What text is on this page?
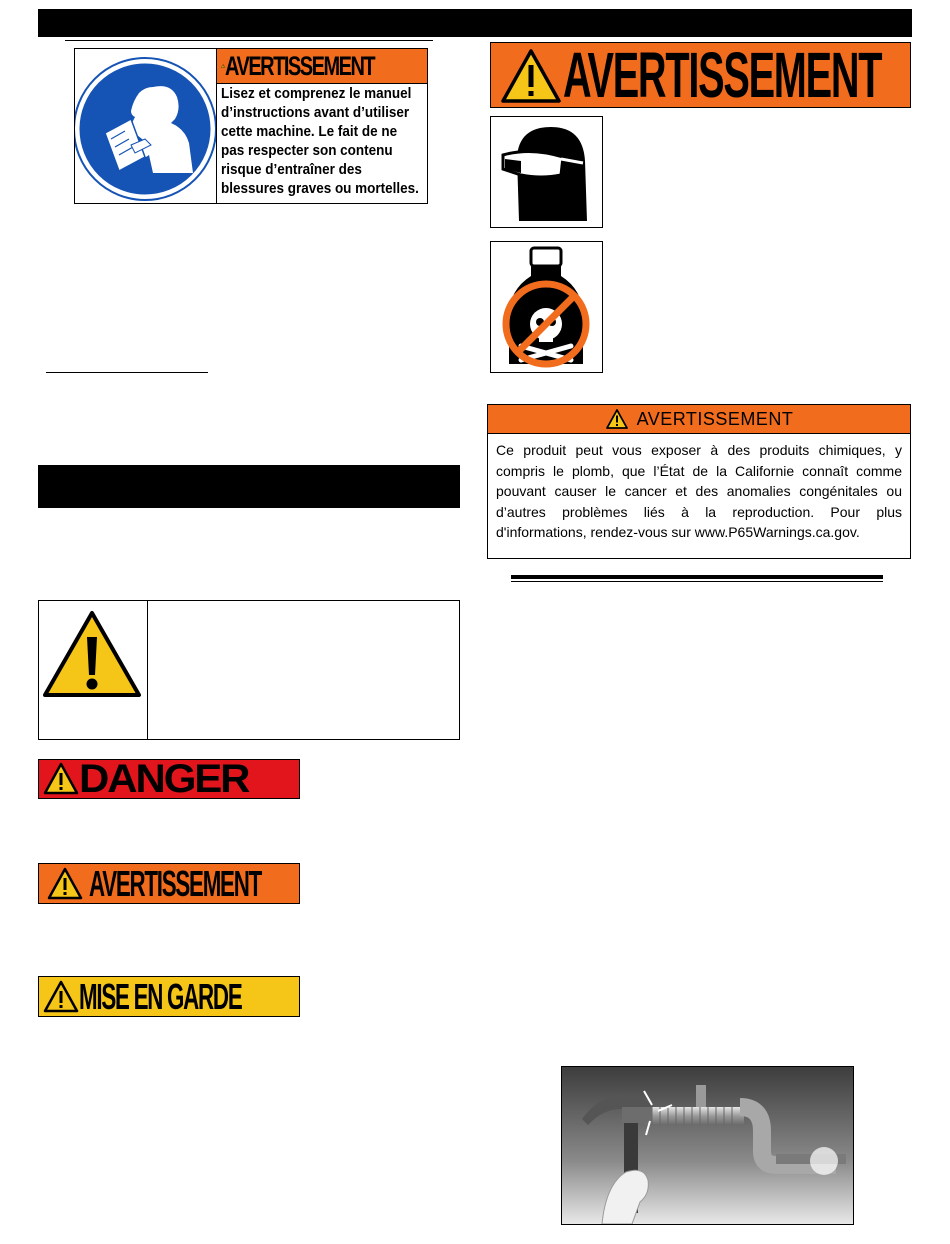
AVERTISSEMENT
Lisez et comprenez le manuel d’instructions avant d’utiliser cette machine. Le fait de ne pas respecter son contenu risque d’entraîner des blessures graves ou mortelles.
DANGER
AVERTISSEMENT
MISE EN GARDE
AVERTISSEMENT
AVERTISSEMENT
Ce produit peut vous exposer à des produits chimiques, y compris le plomb, que l’État de la Californie connaît comme pouvant causer le cancer et des anomalies congénitales ou d’autres problèmes liés à la reproduction. Pour plus d'informations, rendez-vous sur www.P65Warnings.ca.gov.
